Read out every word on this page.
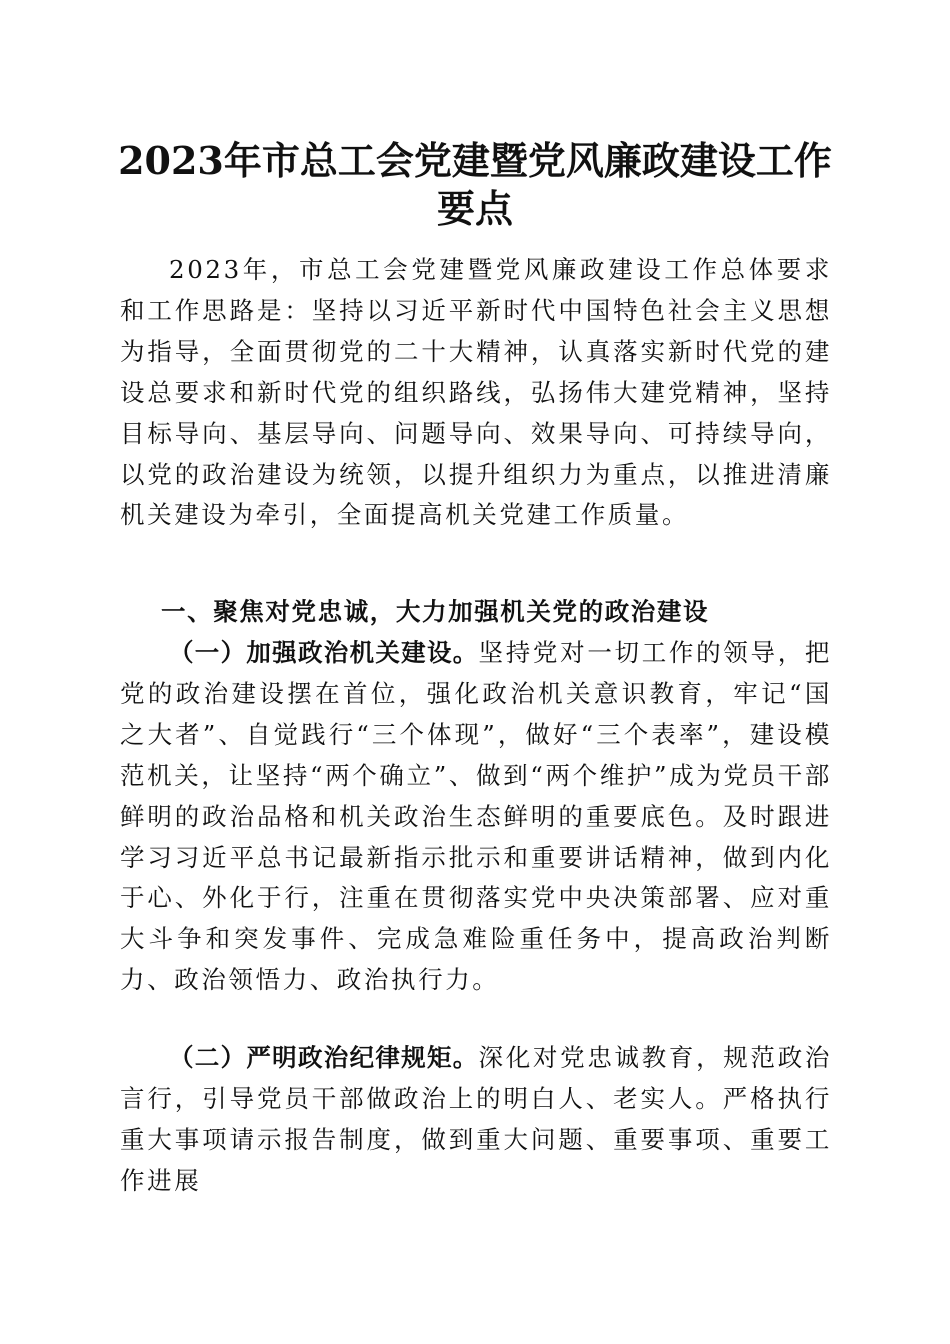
2023年市总工会党建暨党风廉政建设工作要点

2023年，市总工会党建暨党风廉政建设工作总体要求和工作思路是：坚持以习近平新时代中国特色社会主义思想为指导，全面贯彻党的二十大精神，认真落实新时代党的建设总要求和新时代党的组织路线，弘扬伟大建党精神，坚持目标导向、基层导向、问题导向、效果导向、可持续导向，以党的政治建设为统领，以提升组织力为重点，以推进清廉机关建设为牵引，全面提高机关党建工作质量。

一、聚焦对党忠诚，大力加强机关党的政治建设

（一）加强政治机关建设。坚持党对一切工作的领导，把党的政治建设摆在首位，强化政治机关意识教育，牢记“国之大者”、自觉践行“三个体现”，做好“三个表率”，建设模范机关，让坚持“两个确立”、做到“两个维护”成为党员干部鲜明的政治品格和机关政治生态鲜明的重要底色。及时跟进学习习近平总书记最新指示批示和重要讲话精神，做到内化于心、外化于行，注重在贯彻落实党中央决策部署、应对重大斗争和突发事件、完成急难险重任务中，提高政治判断力、政治领悟力、政治执行力。

（二）严明政治纪律规矩。深化对党忠诚教育，规范政治言行，引导党员干部做政治上的明白人、老实人。严格执行重大事项请示报告制度，做到重大问题、重要事项、重要工作进展
